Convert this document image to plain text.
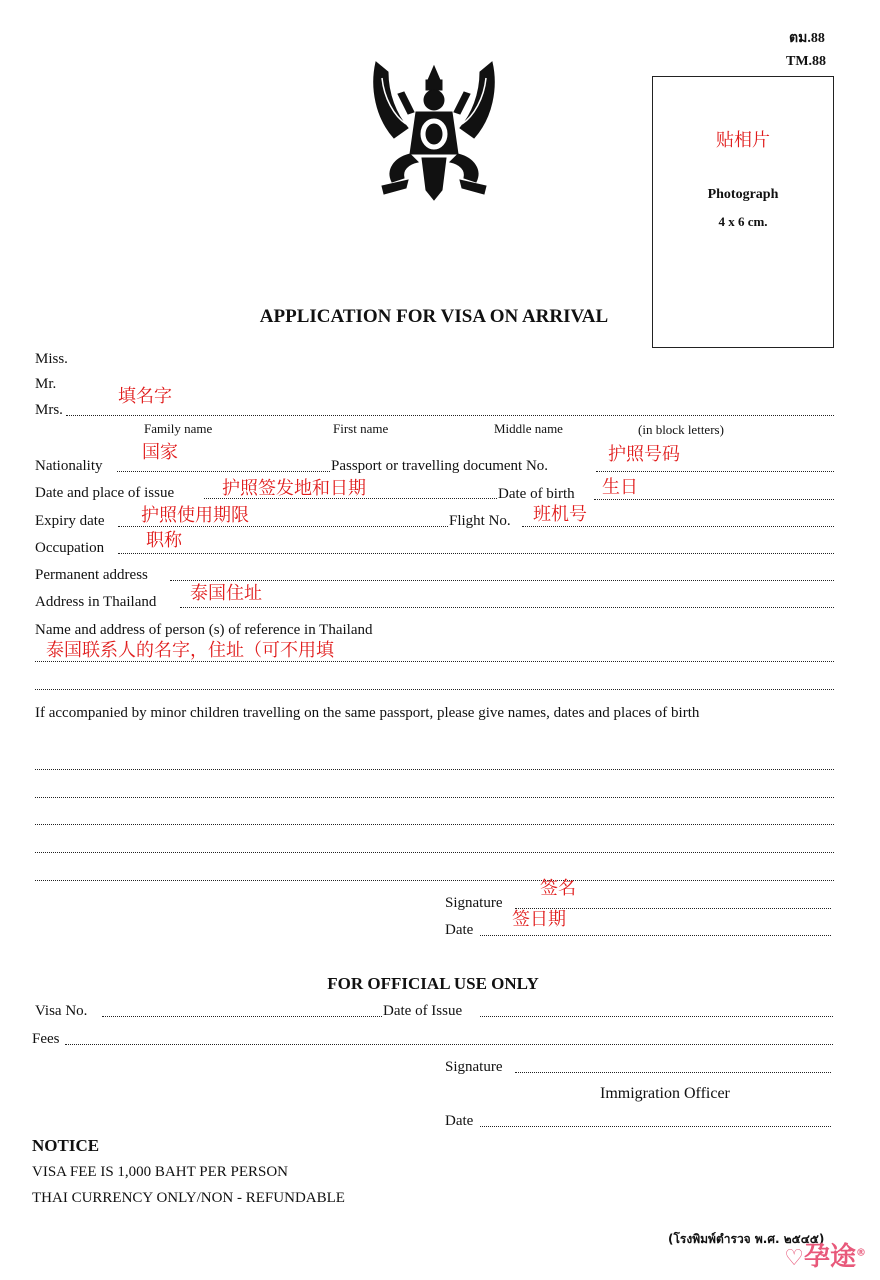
ตม.88
TM.88
贴相片
Photograph
4 x 6 cm.
APPLICATION FOR VISA ON ARRIVAL
Miss.
Mr.
Mrs.
填名字
Family name	First name	Middle name	(in block letters)
Nationality
国家
Passport or travelling document No.
护照号码
Date and place of issue	护照签发地和日期	Date of birth 生日
Expiry date 护照使用期限	Flight No. 班机号
Occupation 职称
Permanent address
Address in Thailand 泰国住址
Name and address of person (s) of reference in Thailand
泰国联系人的名字，住址（可不用填
If accompanied by minor children travelling on the same passport, please give names, dates and places of birth
Signature
签名
Date 签日期
FOR OFFICIAL USE ONLY
Visa No.	Date of Issue
Fees
Signature
Immigration Officer
Date
NOTICE
VISA FEE IS 1,000 BAHT PER PERSON
THAI CURRENCY ONLY/NON - REFUNDABLE
(โรงพิมพ์ตำรวจ พ.ศ. ๒๕๔๕)
♡孕途®
